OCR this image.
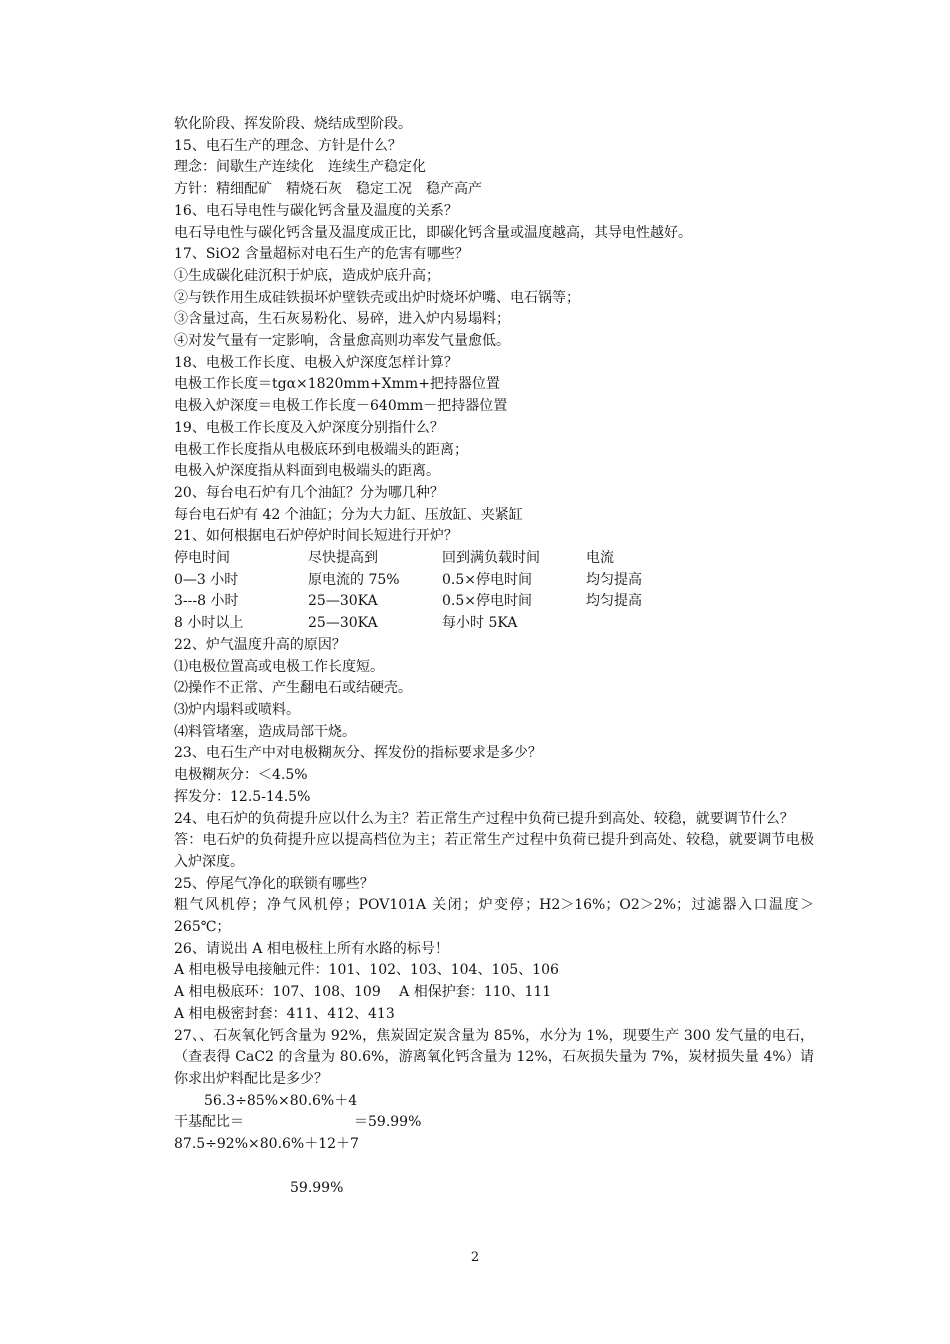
软化阶段、挥发阶段、烧结成型阶段。
15、电石生产的理念、方针是什么？
理念：间歇生产连续化　连续生产稳定化
方针：精细配矿　精烧石灰　稳定工况　稳产高产
16、电石导电性与碳化钙含量及温度的关系？
电石导电性与碳化钙含量及温度成正比，即碳化钙含量或温度越高，其导电性越好。
17、SiO2 含量超标对电石生产的危害有哪些？
①生成碳化硅沉积于炉底，造成炉底升高；
②与铁作用生成硅铁损坏炉壁铁壳或出炉时烧坏炉嘴、电石锅等；
③含量过高，生石灰易粉化、易碎，进入炉内易塌料；
④对发气量有一定影响，含量愈高则功率发气量愈低。
18、电极工作长度、电极入炉深度怎样计算？
电极工作长度＝tgα×1820mm+Xmm+把持器位置
电极入炉深度＝电极工作长度－640mm－把持器位置
19、电极工作长度及入炉深度分别指什么？
电极工作长度指从电极底环到电极端头的距离；
电极入炉深度指从料面到电极端头的距离。
20、每台电石炉有几个油缸？分为哪几种？
每台电石炉有 42 个油缸；分为大力缸、压放缸、夹紧缸
21、如何根据电石炉停炉时间长短进行开炉？
停电时间	尽快提高到	回到满负载时间	电流
0—3 小时	原电流的 75%	0.5×停电时间	均匀提高
3---8 小时	25—30KA	0.5×停电时间	均匀提高
8 小时以上	25—30KA	每小时 5KA
22、炉气温度升高的原因？
⑴电极位置高或电极工作长度短。
⑵操作不正常、产生翻电石或结硬壳。
⑶炉内塌料或喷料。
⑷料管堵塞，造成局部干烧。
23、电石生产中对电极糊灰分、挥发份的指标要求是多少？
电极糊灰分：＜4.5%
挥发分：12.5-14.5%
24、电石炉的负荷提升应以什么为主？若正常生产过程中负荷已提升到高处、较稳，就要调节什么？
答：电石炉的负荷提升应以提高档位为主；若正常生产过程中负荷已提升到高处、较稳，就要调节电极入炉深度。
25、停尾气净化的联锁有哪些？
粗气风机停；净气风机停；POV101A 关闭；炉变停；H2＞16%；O2＞2%；过滤器入口温度＞265℃；
26、请说出 A 相电极柱上所有水路的标号！
A 相电极导电接触元件：101、102、103、104、105、106
A 相电极底环：107、108、109　 A 相保护套：110、111
A 相电极密封套：411、412、413
27、、石灰氧化钙含量为 92%，焦炭固定炭含量为 85%，水分为 1%，现要生产 300 发气量的电石，（查表得 CaC2 的含量为 80.6%，游离氧化钙含量为 12%，石灰损失量为 7%，炭材损失量 4%）请你求出炉料配比是多少？
56.3÷85%×80.6%＋4
干基配比＝	＝59.99%
87.5÷92%×80.6%＋12＋7
59.99%
2
